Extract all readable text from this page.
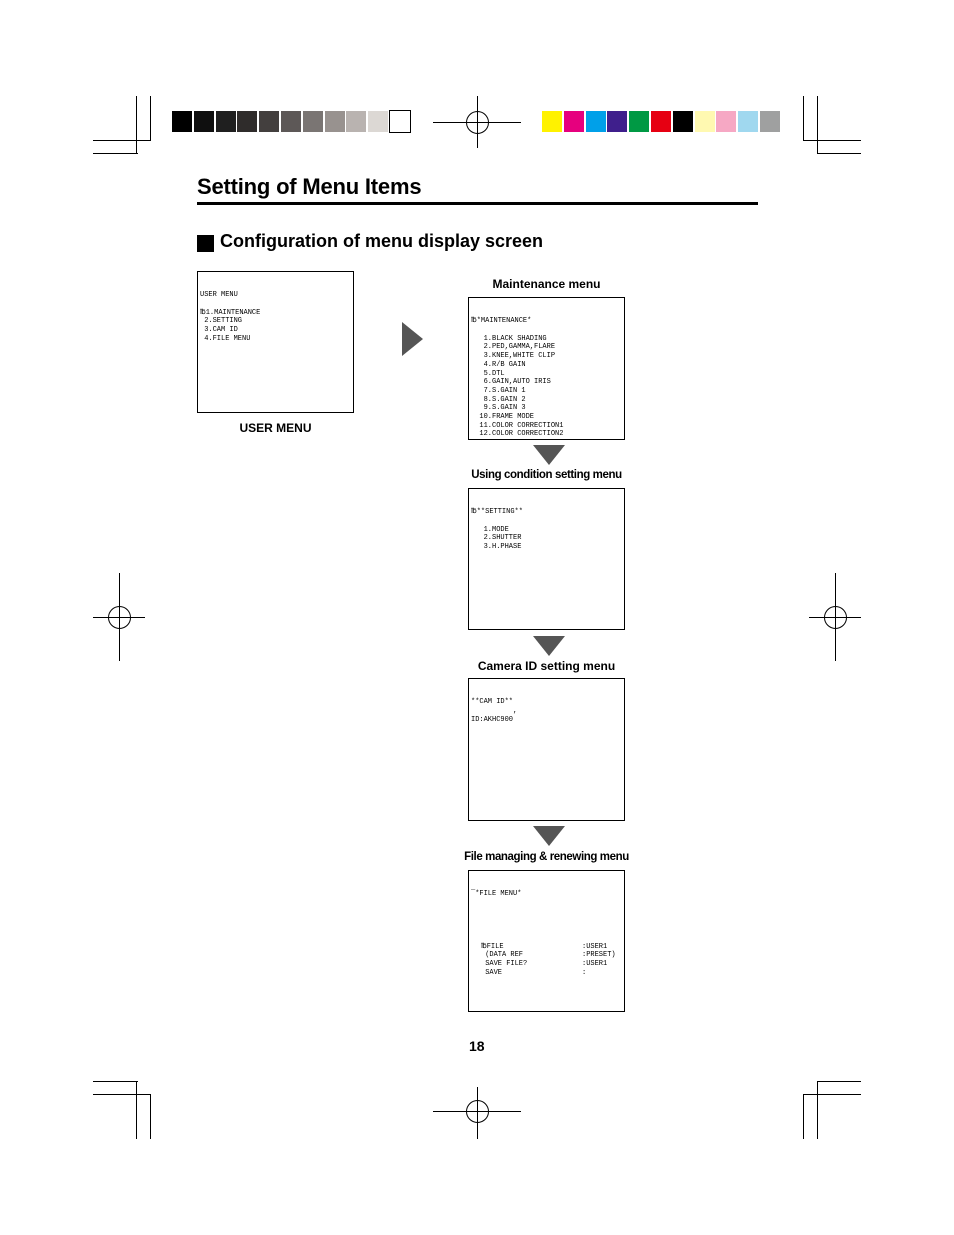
Setting of Menu Items
Configuration of menu display screen

USER MENU
℔1.MAINTENANCE
2.SETTING
3.CAM ID
4.FILE MENU

USER MENU
Maintenance menu

℔*MAINTENANCE*
1.BLACK SHADING
2.PED,GAMMA,FLARE
3.KNEE,WHITE CLIP
4.R/B GAIN
5.DTL
6.GAIN,AUTO IRIS
7.S.GAIN 1
8.S.GAIN 2
9.S.GAIN 3
10.FRAME MODE
11.COLOR CORRECTION1
12.COLOR CORRECTION2

Using condition setting menu

℔**SETTING**
1.MODE
2.SHUTTER
3.H.PHASE

Camera ID setting menu

**CAM ID**
,
ID:AKHC900

File managing & renewing menu

¯*FILE MENU*

℔FILE	:USER1
(DATA REF	:PRESET)
SAVE FILE?	:USER1
SAVE	:

18
